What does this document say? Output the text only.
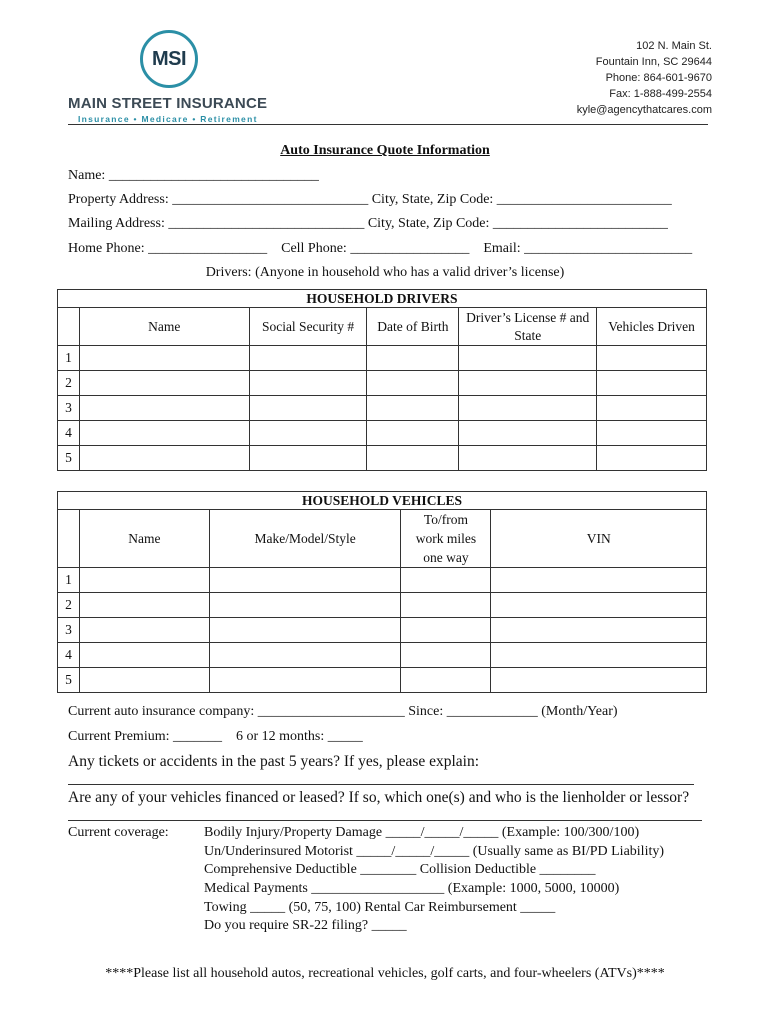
MSI
MAIN STREET INSURANCE
Insurance • Medicare • Retirement
102 N. Main St.
Fountain Inn, SC 29644
Phone: 864-601-9670
Fax: 1-888-499-2554
kyle@agencythatcares.com
Auto Insurance Quote Information
Name: ______________________________
Property Address: ____________________________ City, State, Zip Code: _________________________
Mailing Address: ____________________________ City, State, Zip Code: _________________________
Home Phone: _________________    Cell Phone: _________________    Email: ________________________
Drivers: (Anyone in household who has a valid driver’s license)
HOUSEHOLD DRIVERS					
	Name	Social Security #	Date of Birth	Driver’s License # and State	Vehicles Driven
1					
2					
3					
4					
5					
HOUSEHOLD VEHICLES				
	Name	Make/Model/Style	To/from work miles one way	VIN
1				
2				
3				
4				
5				
Current auto insurance company: _____________________ Since: _____________ (Month/Year)
Current Premium: _______    6 or 12 months: _____
Any tickets or accidents in the past 5 years? If yes, please explain:
Are any of your vehicles financed or leased? If so, which one(s) and who is the lienholder or lessor?
Current coverage:	Bodily Injury/Property Damage _____/_____/_____ (Example: 100/300/100)
Un/Underinsured Motorist _____/_____/_____ (Usually same as BI/PD Liability)
Comprehensive Deductible ________ Collision Deductible ________
Medical Payments ___________________ (Example: 1000, 5000, 10000)
Towing _____ (50, 75, 100) Rental Car Reimbursement _____
Do you require SR-22 filing? _____
****Please list all household autos, recreational vehicles, golf carts, and four-wheelers (ATVs)****
